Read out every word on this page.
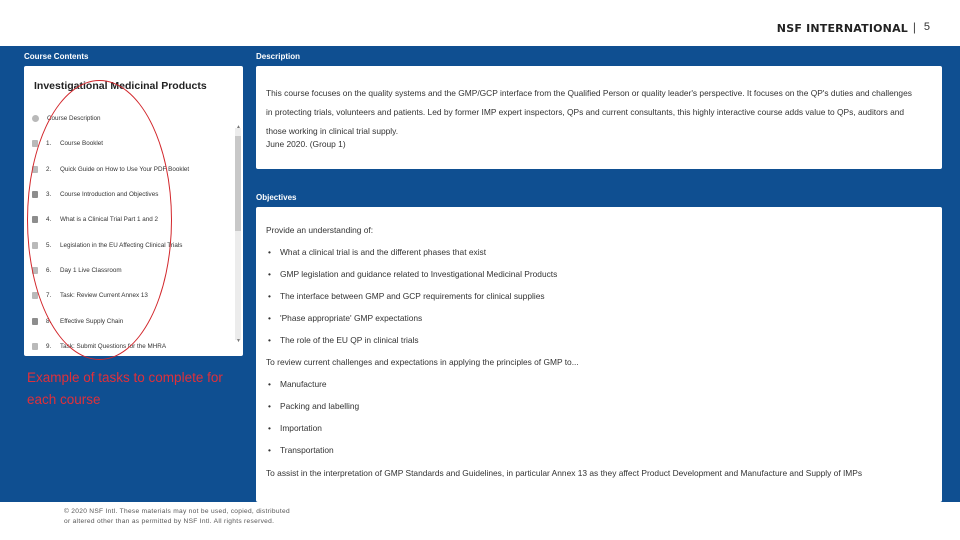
NSF INTERNATIONAL | 5
Course Contents
Investigational Medicinal Products
Course Description
1.	Course Booklet
2.	Quick Guide on How to Use Your PDF Booklet
3.	Course Introduction and Objectives
4.	What is a Clinical Trial Part 1 and 2
5.	Legislation in the EU Affecting Clinical Trials
6.	Day 1 Live Classroom
7.	Task: Review Current Annex 13
8.	Effective Supply Chain
9.	Task: Submit Questions for the MHRA
▲
▼
Description
This course focuses on the quality systems and the GMP/GCP interface from the Qualified Person or quality leader's perspective. It focuses on the QP's duties and challenges in protecting trials, volunteers and patients. Led by former IMP expert inspectors, QPs and current consultants, this highly interactive course adds value to QPs, auditors and those working in clinical trial supply.
June 2020. (Group 1)
Objectives
Provide an understanding of:
• What a clinical trial is and the different phases that exist
• GMP legislation and guidance related to Investigational Medicinal Products
• The interface between GMP and GCP requirements for clinical supplies
• 'Phase appropriate' GMP expectations
• The role of the EU QP in clinical trials
To review current challenges and expectations in applying the principles of GMP to...
• Manufacture
• Packing and labelling
• Importation
• Transportation
To assist in the interpretation of GMP Standards and Guidelines, in particular Annex 13 as they affect Product Development and Manufacture and Supply of IMPs
Example of tasks to complete for each course
© 2020 NSF Intl. These materials may not be used, copied, distributed
or altered other than as permitted by NSF Intl. All rights reserved.
